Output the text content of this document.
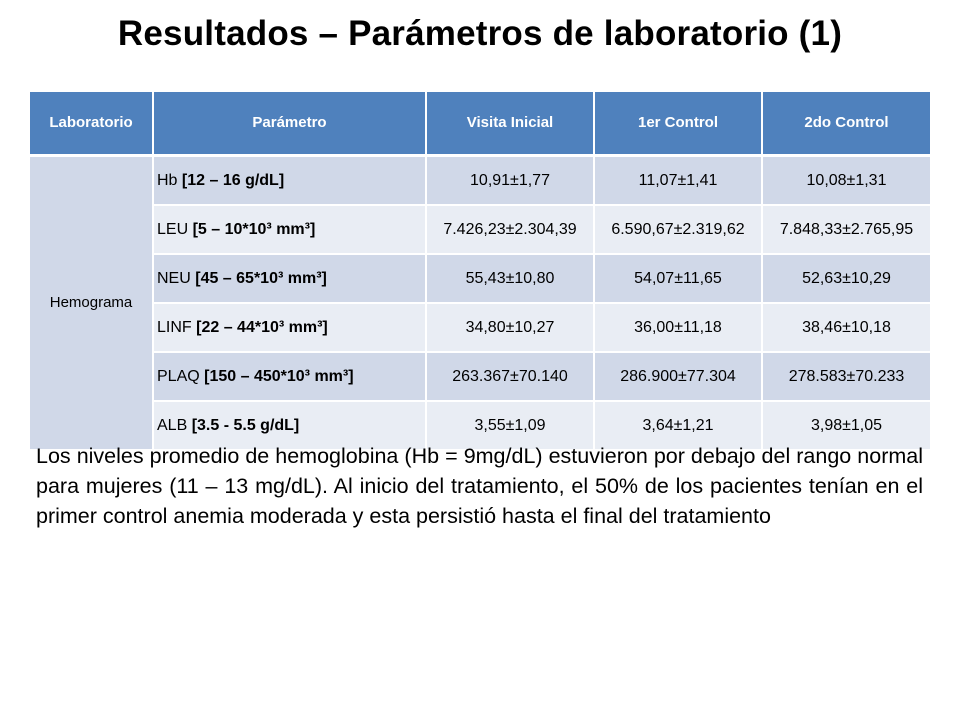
Resultados – Parámetros de laboratorio (1)
Laboratorio	Parámetro	Visita Inicial	1er Control	2do Control
Hemograma	Hb [12 – 16 g/dL]	10,91±1,77	11,07±1,41	10,08±1,31
	LEU [5 – 10*10³ mm³]	7.426,23±2.304,39	6.590,67±2.319,62	7.848,33±2.765,95
	NEU [45 – 65*10³ mm³]	55,43±10,80	54,07±11,65	52,63±10,29
	LINF [22 – 44*10³ mm³]	34,80±10,27	36,00±11,18	38,46±10,18
	PLAQ [150 – 450*10³ mm³]	263.367±70.140	286.900±77.304	278.583±70.233
	ALB [3.5 - 5.5 g/dL]	3,55±1,09	3,64±1,21	3,98±1,05
Los niveles promedio de hemoglobina (Hb = 9mg/dL) estuvieron por debajo del rango normal para mujeres (11 – 13 mg/dL). Al inicio del tratamiento, el 50% de los pacientes tenían en el primer control anemia moderada y esta persistió hasta el final del tratamiento
